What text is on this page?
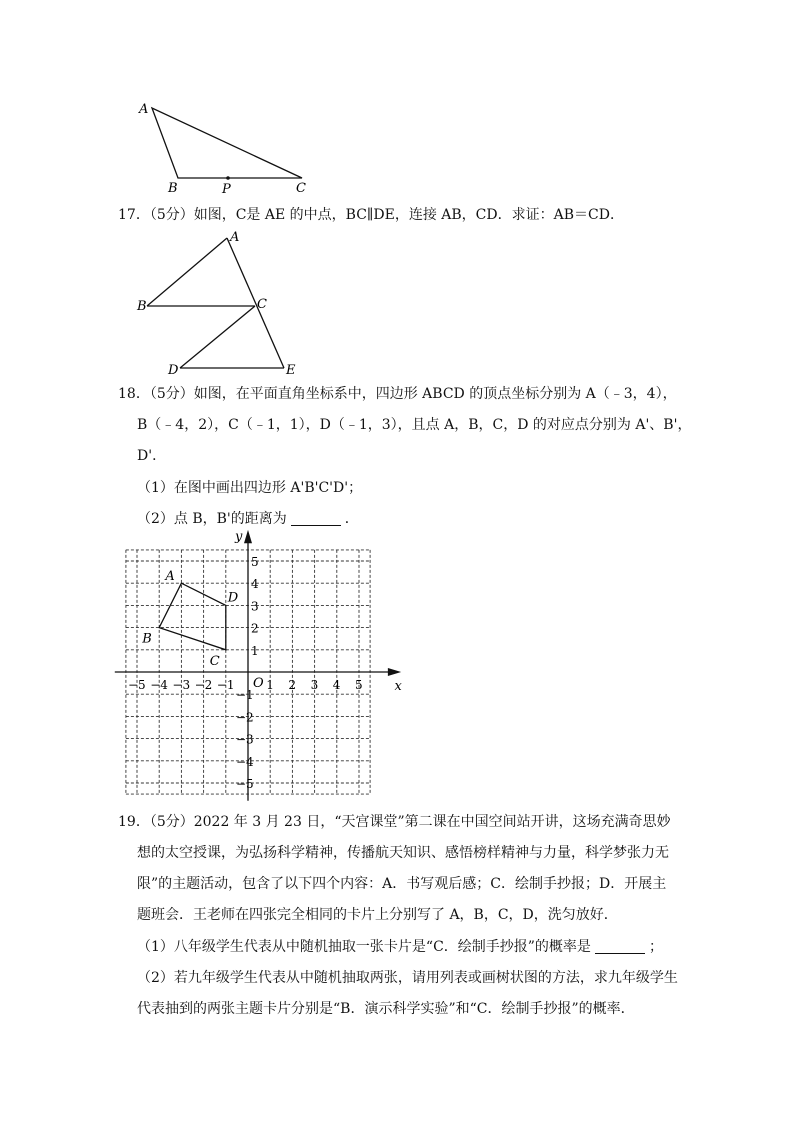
A
B	P	C
17．（5分）如图，C是 AE 的中点，BC∥DE，连接 AB，CD．求证：AB＝CD．
A
B	C
D	E
18．（5分）如图，在平面直角坐标系中，四边形 ABCD 的顶点坐标分别为 A（﹣3，4），
B（﹣4，2），C（﹣1，1），D（﹣1，3），且点 A，B，C，D 的对应点分别为 A'、B'，
D'．
（1）在图中画出四边形 A'B'C'D'；
（2）点 B，B'的距离为	．
−5 −4 −3 −2 −1	1 2 3 4 5
5
4
3
2
1
−1
−2
−3
−4
−5
A
B
C
D
O	x
y
19．（5分）2022 年 3 月 23 日，“天宫课堂”第二课在中国空间站开讲，这场充满奇思妙
想的太空授课，为弘扬科学精神，传播航天知识、感悟榜样精神与力量，科学梦张力无
限”的主题活动，包含了以下四个内容：A．书写观后感；C．绘制手抄报；D．开展主
题班会．王老师在四张完全相同的卡片上分别写了 A，B，C，D，洗匀放好．
（1）八年级学生代表从中随机抽取一张卡片是“C．绘制手抄报”的概率是	；
（2）若九年级学生代表从中随机抽取两张，请用列表或画树状图的方法，求九年级学生
代表抽到的两张主题卡片分别是“B．演示科学实验”和“C．绘制手抄报”的概率．
